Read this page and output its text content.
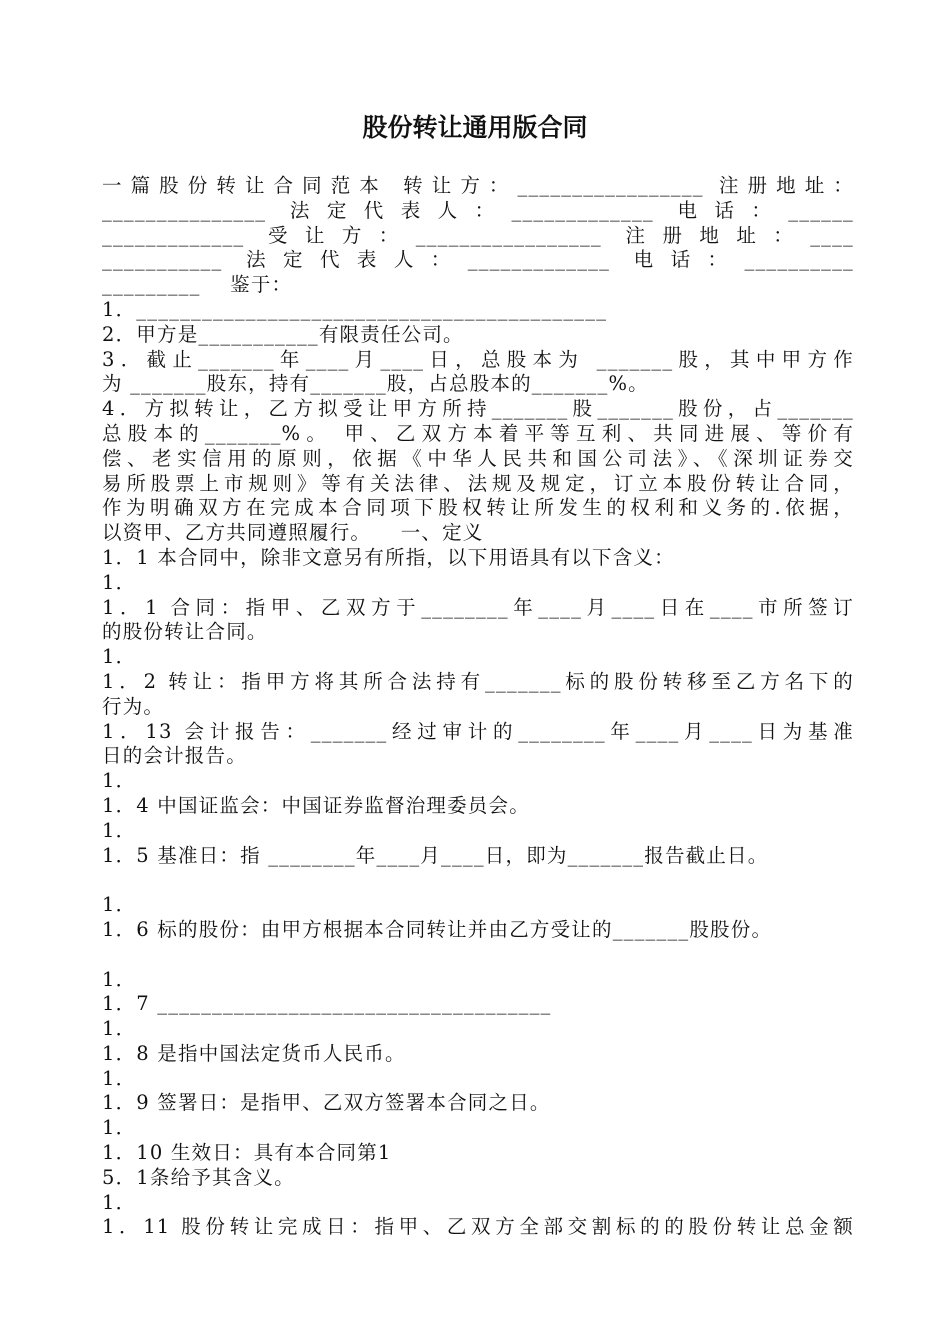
股份转让通用版合同
一篇股份转让合同范本 转让方：_________________ 注册地址：
_______________ 法定代表人：_____________ 电话：______
_____________ 受让方：_________________ 注册地址：____
___________ 法定代表人：_____________ 电话：__________
_________    鉴于：
1．___________________________________________
2．甲方是___________有限责任公司。
3．截止_______年____月____日，总股本为 _______股，其中甲方作
为 _______股东，持有_______股，占总股本的_______%。
4．方拟转让，乙方拟受让甲方所持_______股_______股份，占_______
总股本的_______%。 甲、乙双方本着平等互利、共同进展、等价有
偿、老实信用的原则，依据《中华人民共和国公司法》、《深圳证券交
易所股票上市规则》等有关法律、法规及规定，订立本股份转让合同，
作为明确双方在完成本合同项下股权转让所发生的权利和义务的.依据，
以资甲、乙方共同遵照履行。    一、定义
1．1 本合同中，除非文意另有所指，以下用语具有以下含义：
1．
1．1 合同：指甲、乙双方于________年____月____日在____市所签订
的股份转让合同。
1．
1．2 转让：指甲方将其所合法持有_______标的股份转移至乙方名下的
行为。
1．13 会计报告：_______经过审计的________年____月____日为基准
日的会计报告。
1．
1．4 中国证监会：中国证券监督治理委员会。
1．
1．5 基准日：指 ________年____月____日，即为_______报告截止日。
1．
1．6 标的股份：由甲方根据本合同转让并由乙方受让的_______股股份。
1．
1．7 ____________________________________
1．
1．8 是指中国法定货币人民币。
1．
1．9 签署日：是指甲、乙双方签署本合同之日。
1．
1．10 生效日：具有本合同第1
5．1条给予其含义。
1．
1．11 股份转让完成日：指甲、乙双方全部交割标的的股份转让总金额
